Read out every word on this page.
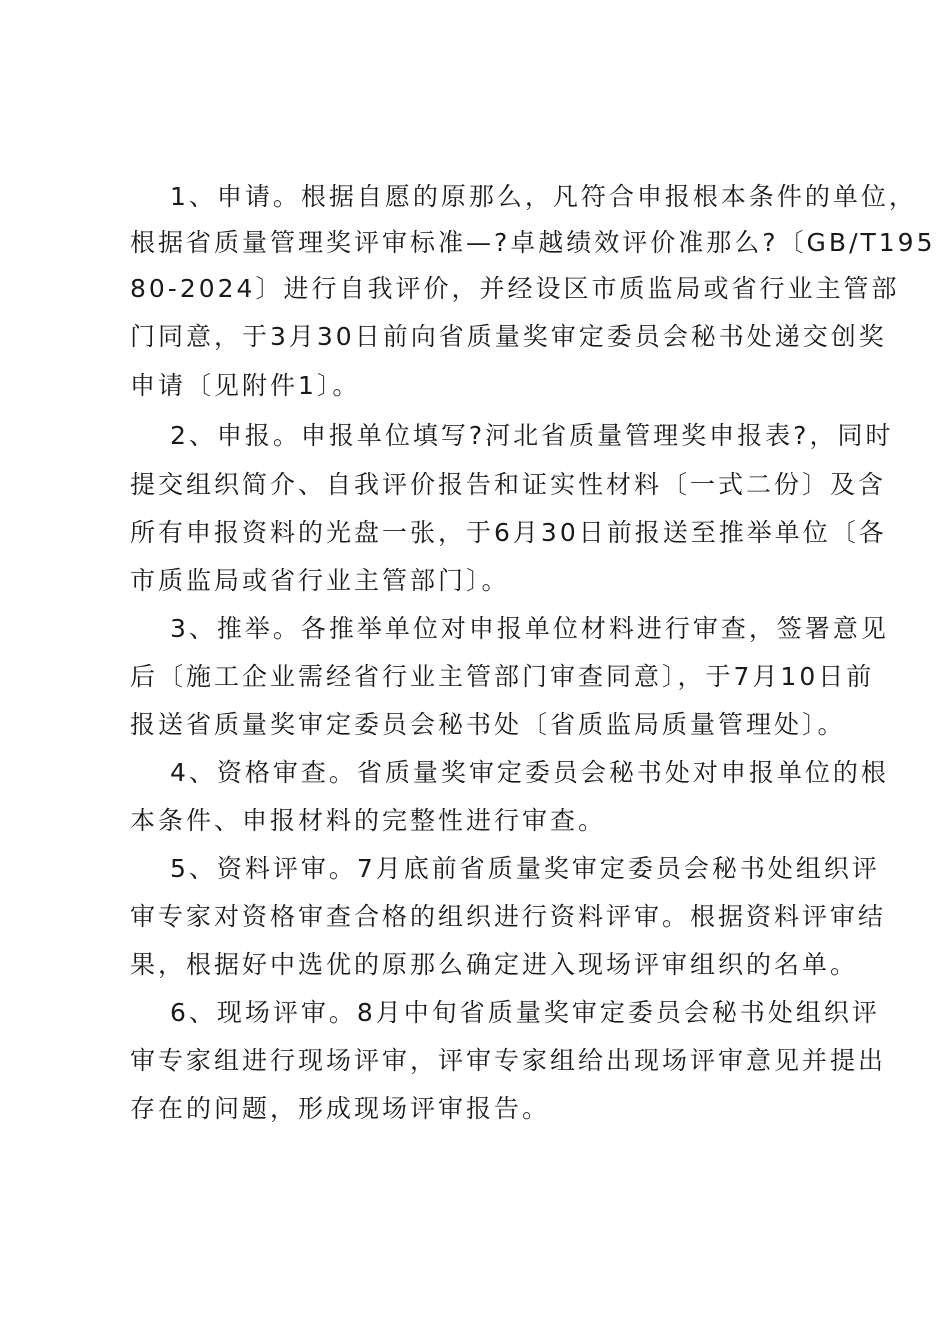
1、申请。根据自愿的原那么，凡符合申报根本条件的单位，

根据省质量管理奖评审标准—?卓越绩效评价准那么?〔GB/T195

80-2024〕进行自我评价，并经设区市质监局或省行业主管部

门同意，于3月30日前向省质量奖审定委员会秘书处递交创奖

申请〔见附件1〕。

2、申报。申报单位填写?河北省质量管理奖申报表?，同时

提交组织简介、自我评价报告和证实性材料〔一式二份〕及含

所有申报资料的光盘一张，于6月30日前报送至推举单位〔各

市质监局或省行业主管部门〕。

3、推举。各推举单位对申报单位材料进行审查，签署意见

后〔施工企业需经省行业主管部门审查同意〕，于7月10日前

报送省质量奖审定委员会秘书处〔省质监局质量管理处〕。

4、资格审查。省质量奖审定委员会秘书处对申报单位的根

本条件、申报材料的完整性进行审查。

5、资料评审。7月底前省质量奖审定委员会秘书处组织评

审专家对资格审查合格的组织进行资料评审。根据资料评审结

果，根据好中选优的原那么确定进入现场评审组织的名单。

6、现场评审。8月中旬省质量奖审定委员会秘书处组织评

审专家组进行现场评审，评审专家组给出现场评审意见并提出

存在的问题，形成现场评审报告。
